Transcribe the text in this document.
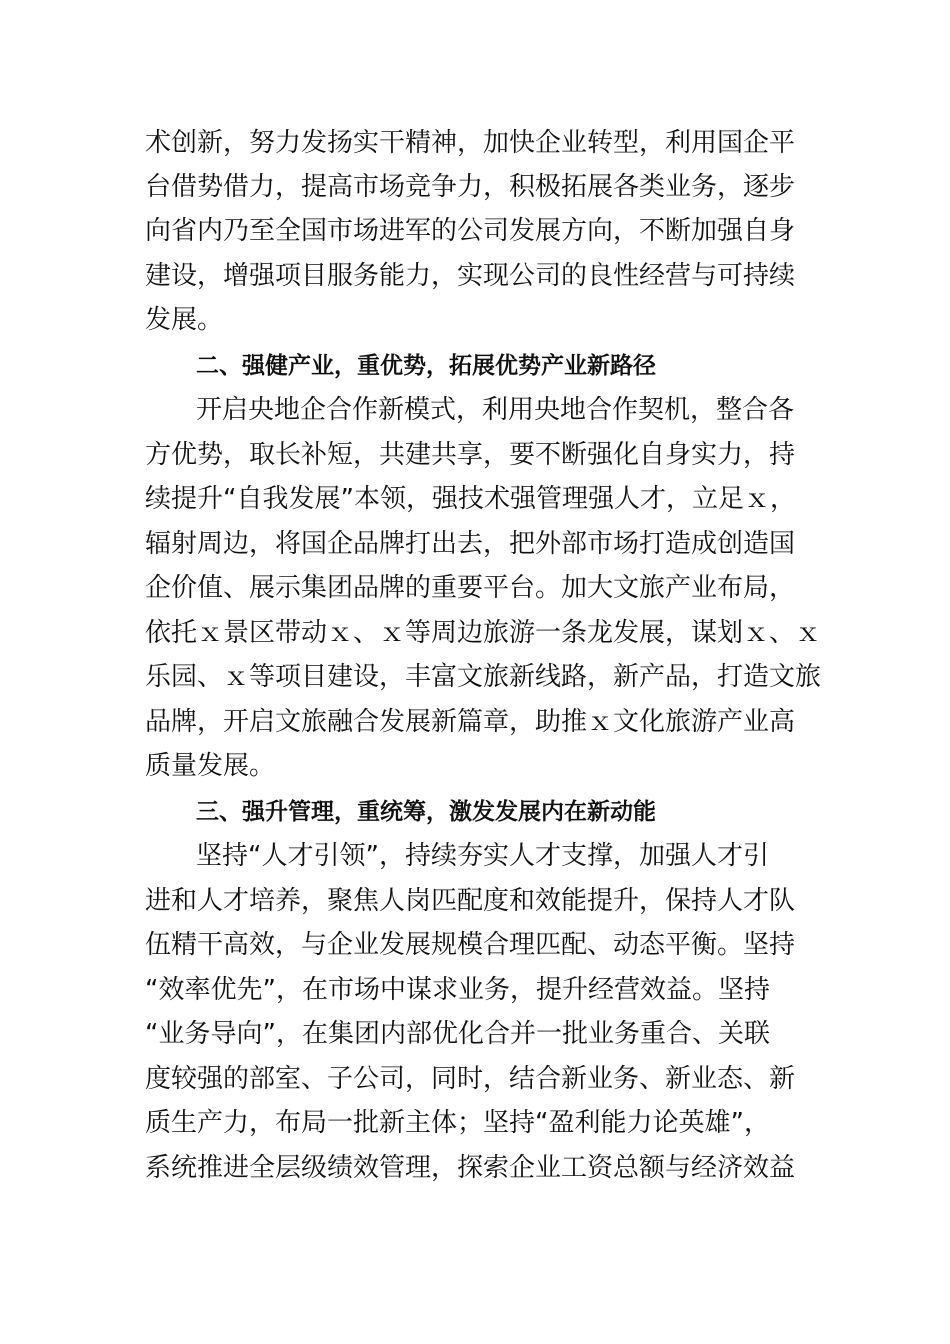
术创新，努力发扬实干精神，加快企业转型，利用国企平
台借势借力，提高市场竞争力，积极拓展各类业务，逐步
向省内乃至全国市场进军的公司发展方向，不断加强自身
建设，增强项目服务能力，实现公司的良性经营与可持续
发展。
二、强健产业，重优势，拓展优势产业新路径
开启央地企合作新模式，利用央地合作契机，整合各
方优势，取长补短，共建共享，要不断强化自身实力，持
续提升“自我发展”本领，强技术强管理强人才，立足ｘ，
辐射周边，将国企品牌打出去，把外部市场打造成创造国
企价值、展示集团品牌的重要平台。加大文旅产业布局，
依托ｘ景区带动ｘ、ｘ等周边旅游一条龙发展，谋划ｘ、ｘ
乐园、ｘ等项目建设，丰富文旅新线路，新产品，打造文旅
品牌，开启文旅融合发展新篇章，助推ｘ文化旅游产业高
质量发展。
三、强升管理，重统筹，激发发展内在新动能
坚持“人才引领”，持续夯实人才支撑，加强人才引
进和人才培养，聚焦人岗匹配度和效能提升，保持人才队
伍精干高效，与企业发展规模合理匹配、动态平衡。坚持
“效率优先”，在市场中谋求业务，提升经营效益。坚持
“业务导向”，在集团内部优化合并一批业务重合、关联
度较强的部室、子公司，同时，结合新业务、新业态、新
质生产力，布局一批新主体；坚持“盈利能力论英雄”，
系统推进全层级绩效管理，探索企业工资总额与经济效益
